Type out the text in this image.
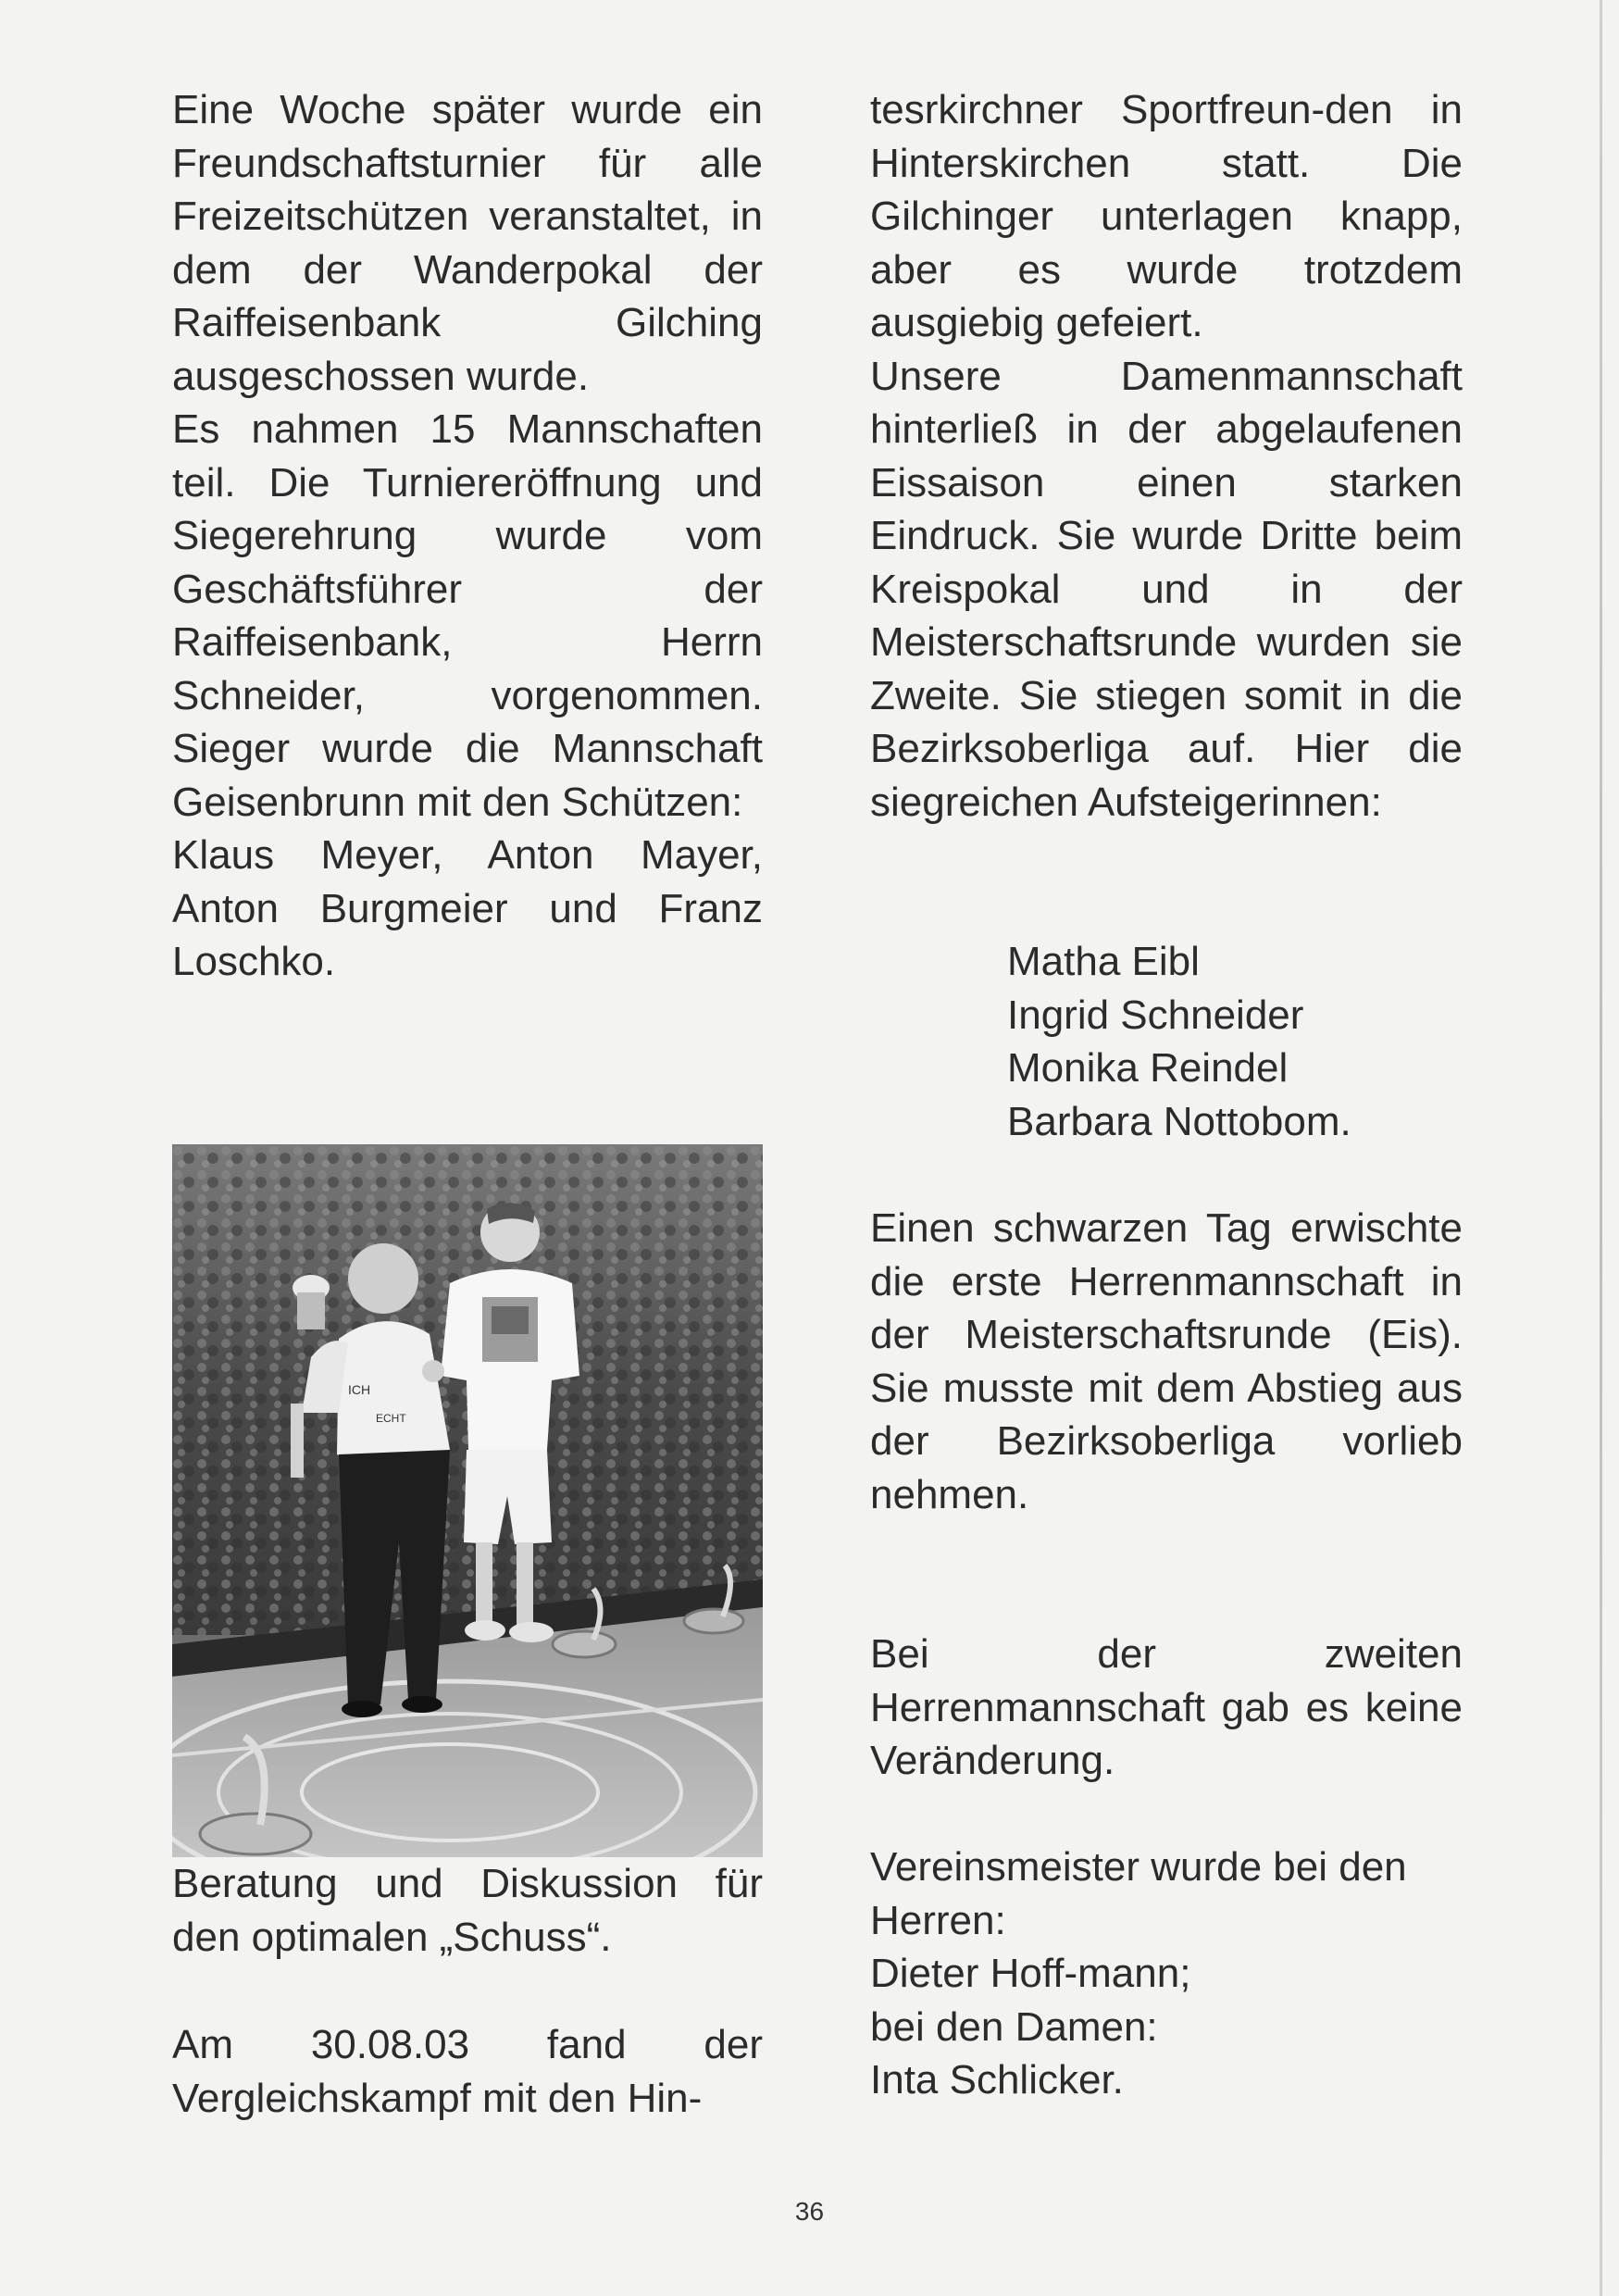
Eine Woche später wurde ein Freundschaftsturnier für alle Freizeitschützen veranstaltet, in dem der Wanderpokal der Raiffeisenbank Gilching ausgeschossen wurde.

Es nahmen 15 Mannschaften teil. Die Turniereröffnung und Siegerehrung wurde vom Geschäftsführer der Raiffeisenbank, Herrn Schneider, vorgenommen. Sieger wurde die Mannschaft Geisenbrunn mit den Schützen:

Klaus Meyer, Anton Mayer, Anton Burgmeier und Franz Loschko.

ICH
ECHT
Beratung und Diskussion für den optimalen „Schuss“.
Am 30.08.03 fand der Vergleichskampf mit den Hin-

tesrkirchner Sportfreun-den in Hinterskirchen statt. Die Gilchinger unterlagen knapp, aber es wurde trotzdem ausgiebig gefeiert.

Unsere Damenmannschaft hinterließ in der abgelaufenen Eissaison einen starken Eindruck. Sie wurde Dritte beim Kreispokal und in der Meisterschaftsrunde wurden sie Zweite. Sie stiegen somit in die Bezirksoberliga auf. Hier die siegreichen Aufsteigerinnen:

Matha Eibl
Ingrid Schneider
Monika Reindel
Barbara Nottobom.

Einen schwarzen Tag erwischte die erste Herrenmannschaft in der Meisterschaftsrunde (Eis). Sie musste mit dem Abstieg aus der Bezirksoberliga vorlieb nehmen.

Bei der zweiten Herrenmannschaft gab es keine Veränderung.

Vereinsmeister wurde bei den Herren:
Dieter Hoff-mann;
bei den Damen:
Inta Schlicker.
36
